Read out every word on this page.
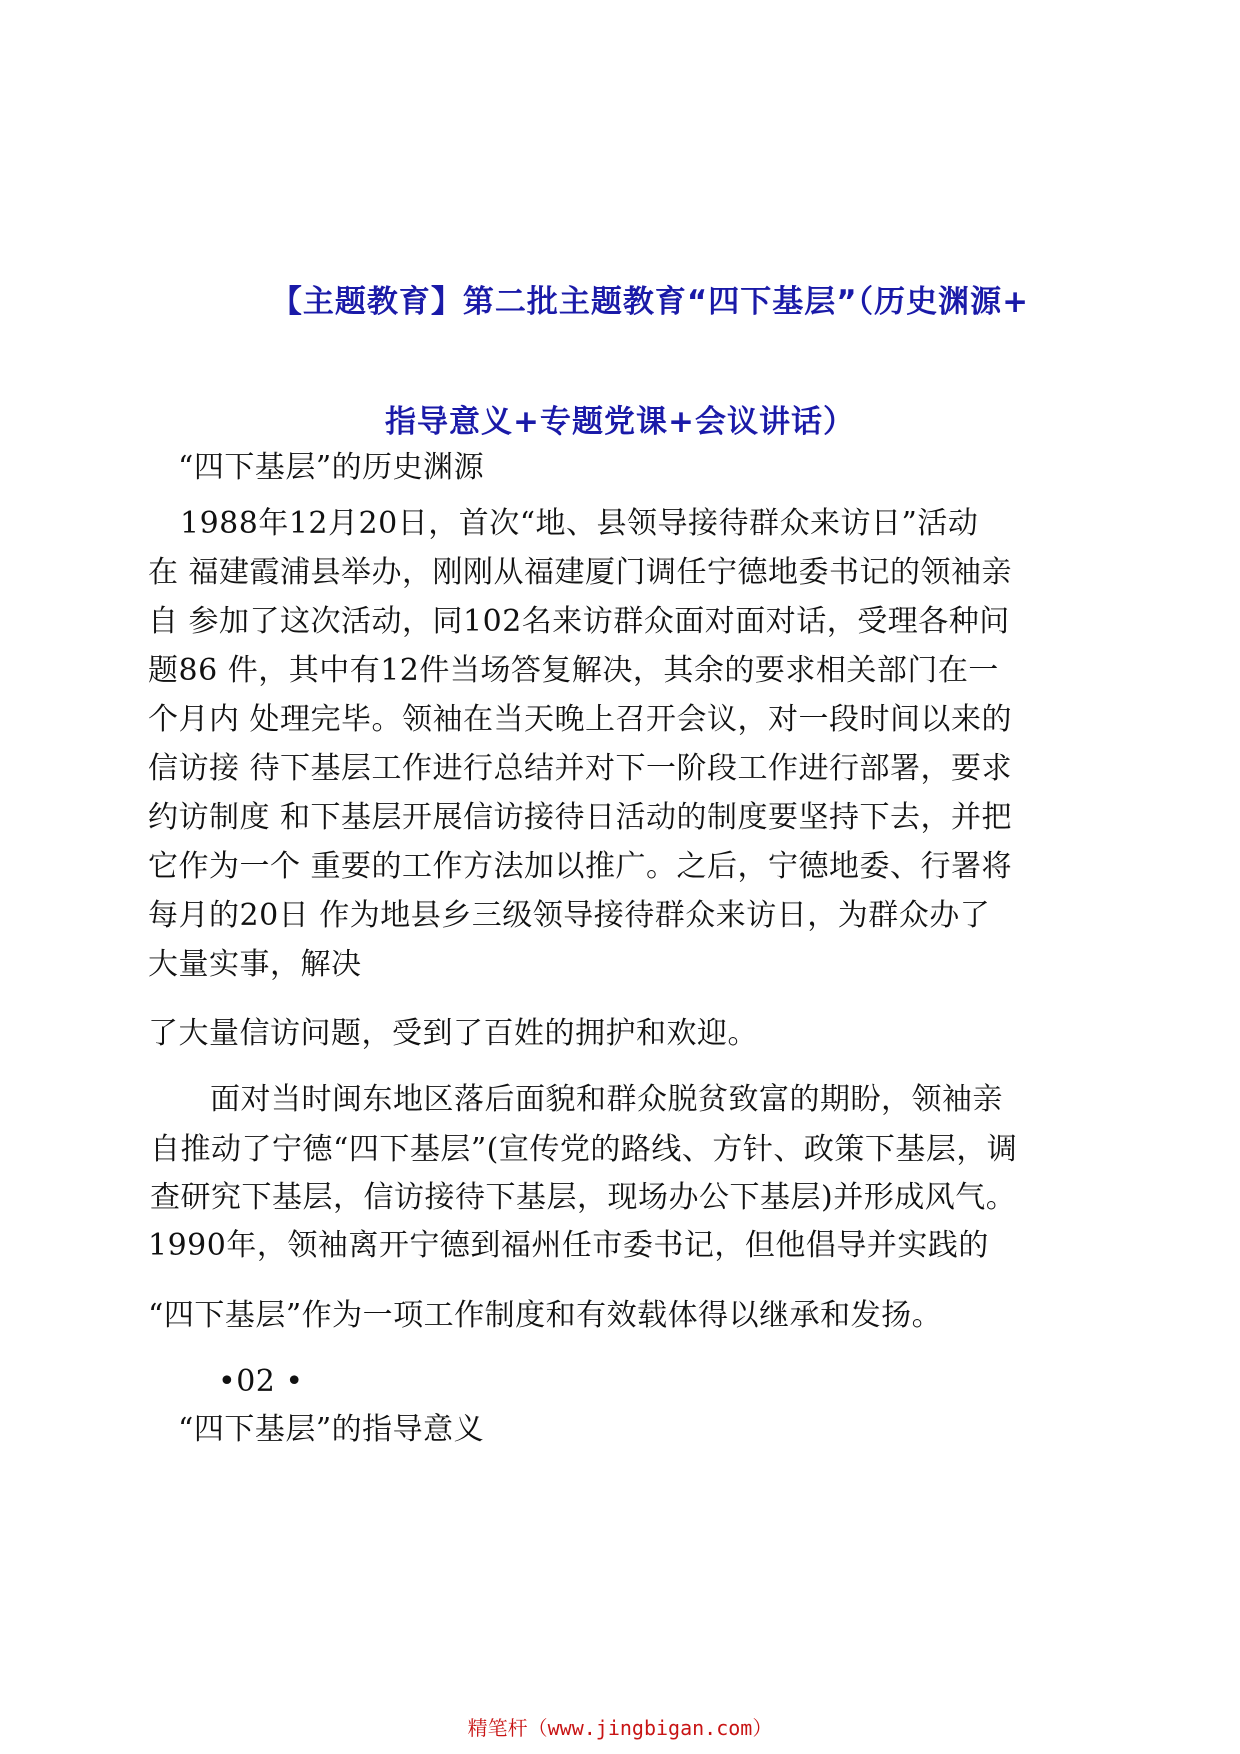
【主题教育】第二批主题教育“四下基层”（历史渊源+
指导意义+专题党课+会议讲话）
“四下基层”的历史渊源
1988年12月20日，首次“地、县领导接待群众来访日”活动
在 福建霞浦县举办，刚刚从福建厦门调任宁德地委书记的领袖亲
自 参加了这次活动，同102名来访群众面对面对话，受理各种问
题86 件，其中有12件当场答复解决，其余的要求相关部门在一
个月内 处理完毕。领袖在当天晚上召开会议，对一段时间以来的
信访接 待下基层工作进行总结并对下一阶段工作进行部署，要求
约访制度 和下基层开展信访接待日活动的制度要坚持下去，并把
它作为一个 重要的工作方法加以推广。之后，宁德地委、行署将
每月的20日 作为地县乡三级领导接待群众来访日，为群众办了
大量实事，解决
了大量信访问题，受到了百姓的拥护和欢迎。
面对当时闽东地区落后面貌和群众脱贫致富的期盼，领袖亲
自推动了宁德“四下基层”(宣传党的路线、方针、政策下基层，调
查研究下基层，信访接待下基层，现场办公下基层)并形成风气。
1990年，领袖离开宁德到福州任市委书记，但他倡导并实践的
“四下基层”作为一项工作制度和有效载体得以继承和发扬。
•02 •
“四下基层”的指导意义
精笔杆（www.jingbigan.com）
